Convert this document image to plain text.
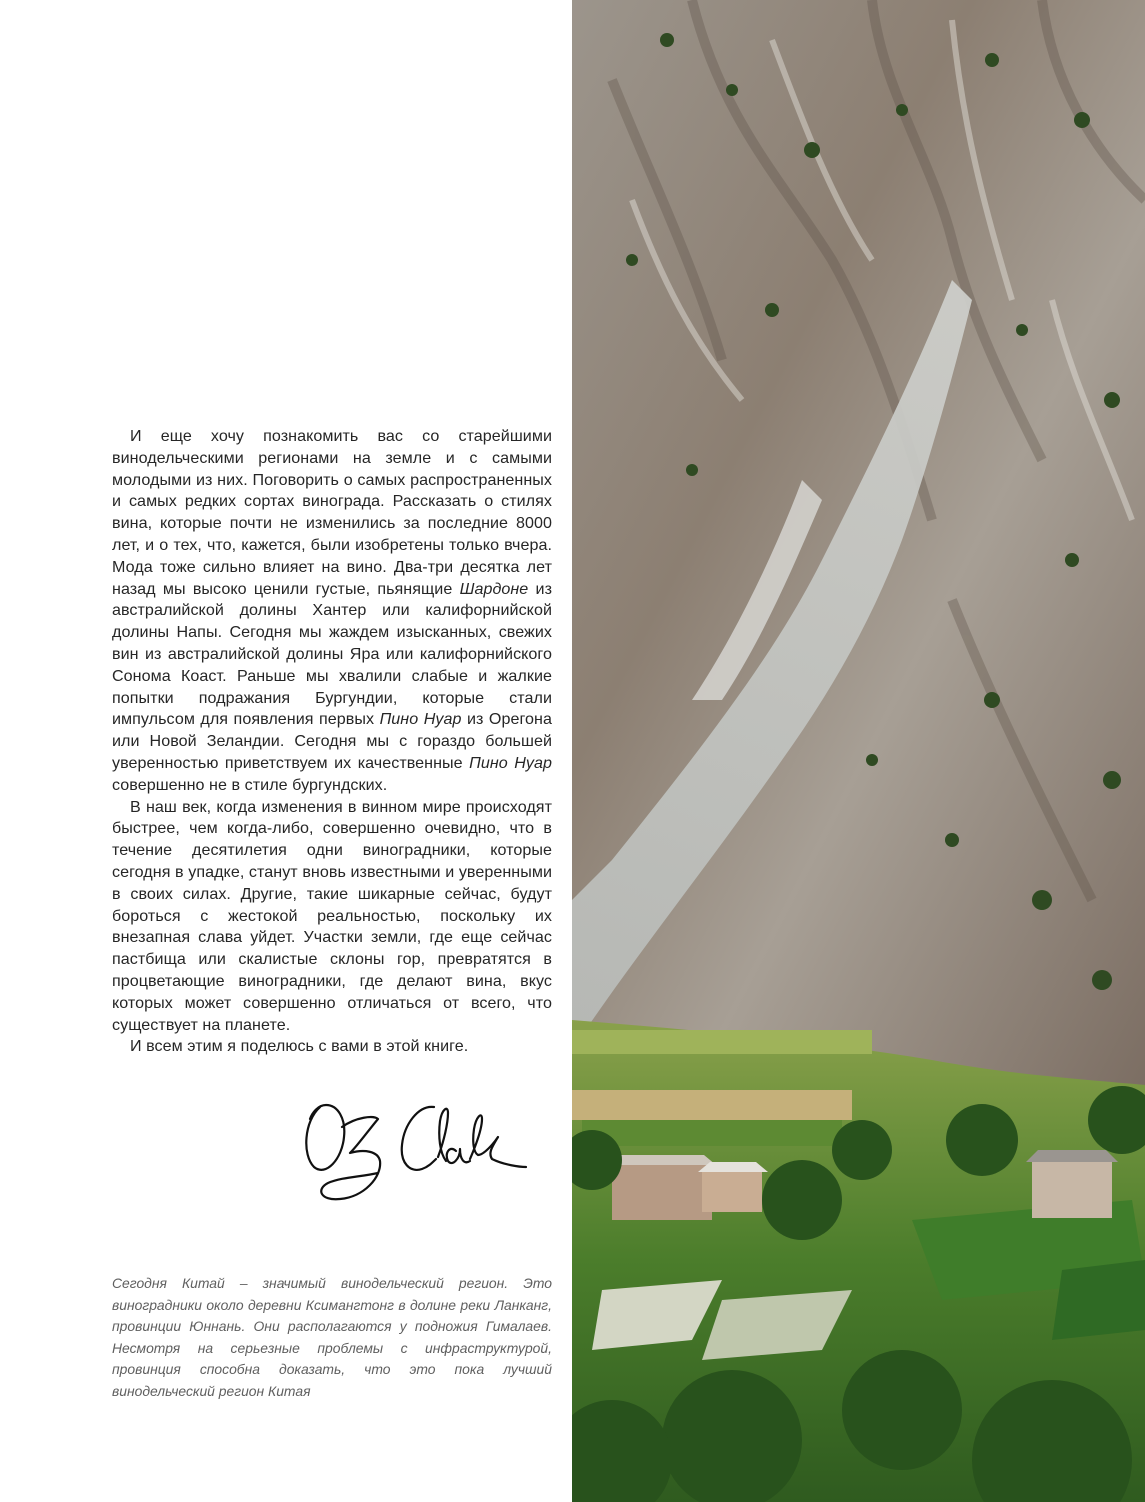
И еще хочу познакомить вас со старейшими винодельческими регионами на земле и с самыми молодыми из них. Поговорить о самых распространенных и самых редких сортах винограда. Рассказать о стилях вина, которые почти не изменились за последние 8000 лет, и о тех, что, кажется, были изобретены только вчера. Мода тоже сильно влияет на вино. Два-три десятка лет назад мы высоко ценили густые, пьянящие Шардоне из австралийской долины Хантер или калифорнийской долины Напы. Сегодня мы жаждем изысканных, свежих вин из австралийской долины Яра или калифорнийского Сонома Коаст. Раньше мы хвалили слабые и жалкие попытки подражания Бургундии, которые стали импульсом для появления первых Пино Нуар из Орегона или Новой Зеландии. Сегодня мы с гораздо большей уверенностью приветствуем их качественные Пино Нуар совершенно не в стиле бургундских.

В наш век, когда изменения в винном мире происходят быстрее, чем когда-либо, совершенно очевидно, что в течение десятилетия одни виноградники, которые сегодня в упадке, станут вновь известными и уверенными в своих силах. Другие, такие шикарные сейчас, будут бороться с жестокой реальностью, поскольку их внезапная слава уйдет. Участки земли, где еще сейчас пастбища или скалистые склоны гор, превратятся в процветающие виноградники, где делают вина, вкус которых может совершенно отличаться от всего, что существует на планете.

И всем этим я поделюсь с вами в этой книге.

Сегодня Китай – значимый винодельческий регион. Это виноградники около деревни Ксимангтонг в долине реки Ланканг, провинции Юннань. Они располагаются у подножия Гималаев. Несмотря на серьезные проблемы с инфраструктурой, провинция способна доказать, что это пока лучший винодельческий регион Китая
